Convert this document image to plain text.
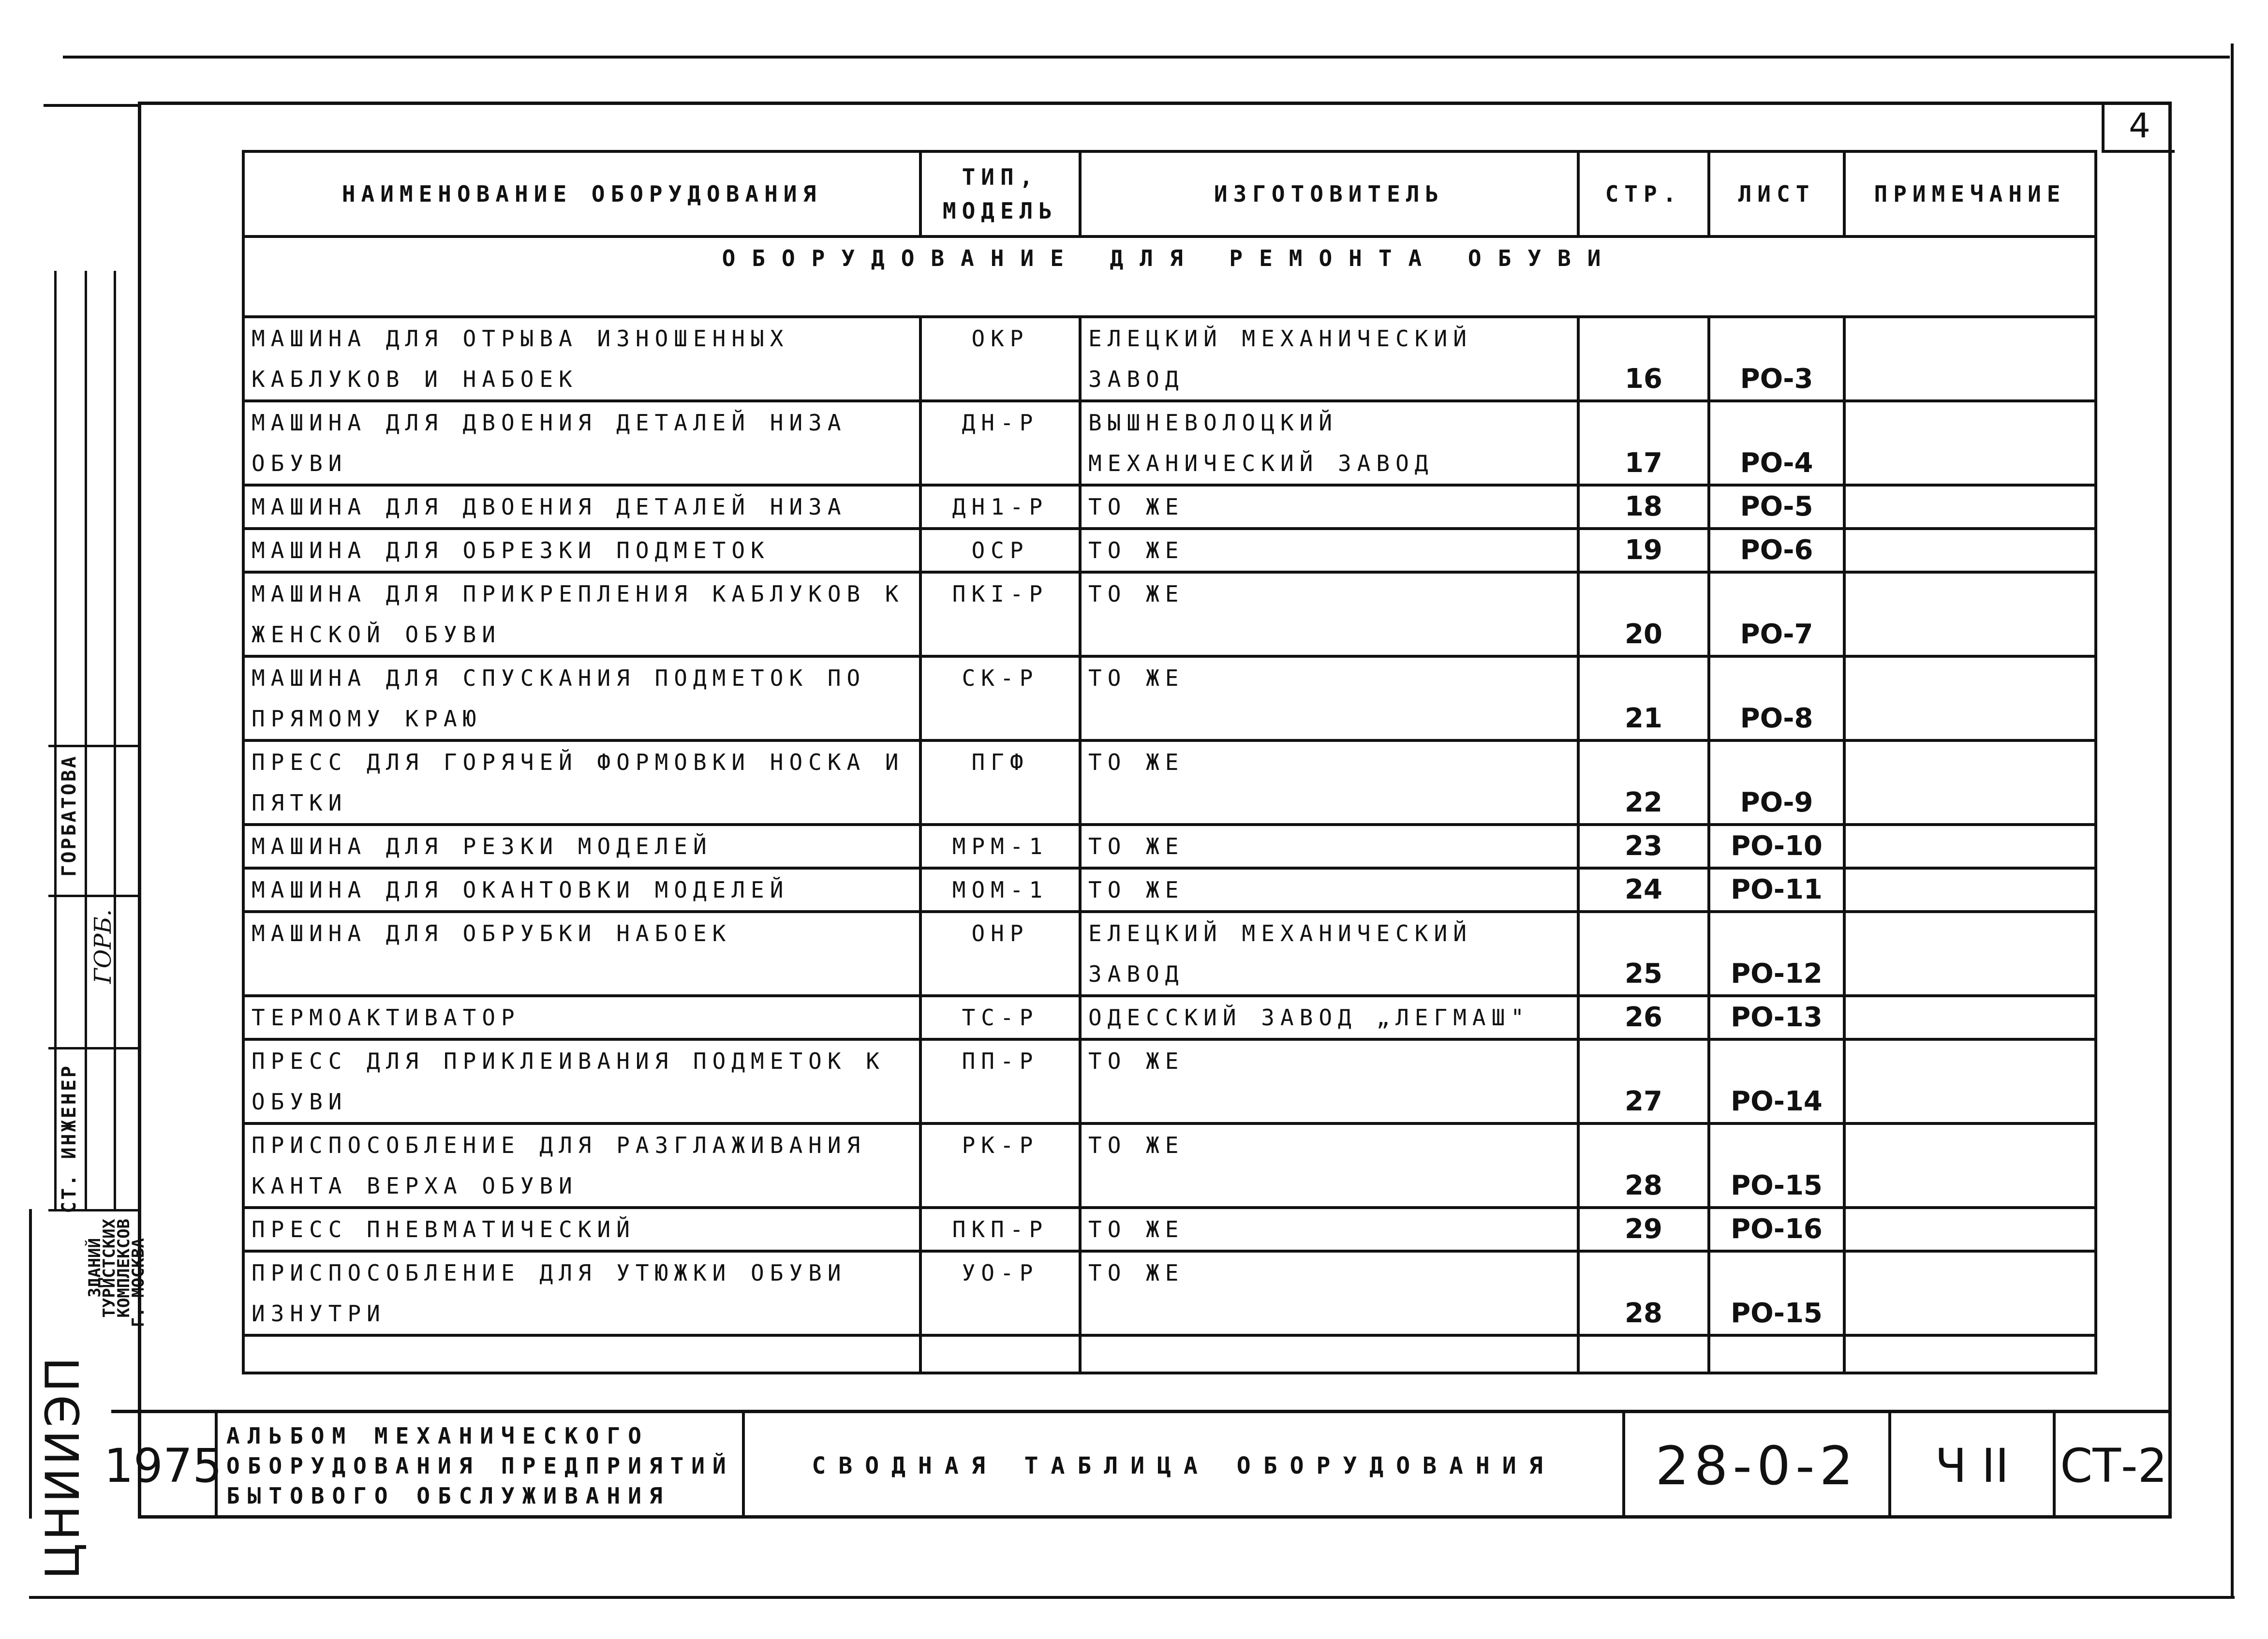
4
НАИМЕНОВАНИЕ ОБОРУДОВАНИЯ	ТИП, МОДЕЛЬ	ИЗГОТОВИТЕЛЬ	СТР.	ЛИСТ	ПРИМЕЧАНИЕ
ОБОРУДОВАНИЕ ДЛЯ РЕМОНТА ОБУВИ					
МАШИНА ДЛЯ ОТРЫВА ИЗНОШЕННЫХ КАБЛУКОВ И НАБОЕК	ОКР	ЕЛЕЦКИЙ МЕХАНИЧЕСКИЙ ЗАВОД	16	РО-3	
МАШИНА ДЛЯ ДВОЕНИЯ ДЕТАЛЕЙ НИЗА ОБУВИ	ДН-Р	ВЫШНЕВОЛОЦКИЙ МЕХАНИЧЕСКИЙ ЗАВОД	17	РО-4	
МАШИНА ДЛЯ ДВОЕНИЯ ДЕТАЛЕЙ НИЗА	ДН1-Р	ТО ЖЕ	18	РО-5	
МАШИНА ДЛЯ ОБРЕЗКИ ПОДМЕТОК	ОСР	ТО ЖЕ	19	РО-6	
МАШИНА ДЛЯ ПРИКРЕПЛЕНИЯ КАБЛУКОВ К ЖЕНСКОЙ ОБУВИ	ПКI-Р	ТО ЖЕ	20	РО-7	
МАШИНА ДЛЯ СПУСКАНИЯ ПОДМЕТОК ПО ПРЯМОМУ КРАЮ	СК-Р	ТО ЖЕ	21	РО-8	
ПРЕСС ДЛЯ ГОРЯЧЕЙ ФОРМОВКИ НОСКА И ПЯТКИ	ПГФ	ТО ЖЕ	22	РО-9	
МАШИНА ДЛЯ РЕЗКИ МОДЕЛЕЙ	МРМ-1	ТО ЖЕ	23	РО-10	
МАШИНА ДЛЯ ОКАНТОВКИ МОДЕЛЕЙ	МОМ-1	ТО ЖЕ	24	РО-11	
МАШИНА ДЛЯ ОБРУБКИ НАБОЕК	ОНР	ЕЛЕЦКИЙ МЕХАНИЧЕСКИЙ ЗАВОД	25	РО-12	
ТЕРМОАКТИВАТОР	ТС-Р	ОДЕССКИЙ ЗАВОД „ЛЕГМАШ"	26	РО-13	
ПРЕСС ДЛЯ ПРИКЛЕИВАНИЯ ПОДМЕТОК К ОБУВИ	ПП-Р	ТО ЖЕ	27	РО-14	
ПРИСПОСОБЛЕНИЕ ДЛЯ РАЗГЛАЖИВАНИЯ КАНТА ВЕРХА ОБУВИ	РК-Р	ТО ЖЕ	28	РО-15	
ПРЕСС ПНЕВМАТИЧЕСКИЙ	ПКП-Р	ТО ЖЕ	29	РО-16	
ПРИСПОСОБЛЕНИЕ ДЛЯ УТЮЖКИ ОБУВИ ИЗНУТРИ	УО-Р	ТО ЖЕ	28	РО-15	

1975
АЛЬБОМ МЕХАНИЧЕСКОГО
ОБОРУДОВАНИЯ ПРЕДПРИЯТИЙ
БЫТОВОГО ОБСЛУЖИВАНИЯ
СВОДНАЯ ТАБЛИЦА ОБОРУДОВАНИЯ	28-0-2	Ч II	СТ-2
СТ. ИНЖЕНЕР
ГОРБАТОВА
ГОРБ.
ЦНИИЭП
ЗДАНИЙ
ТУРИСТСКИХ
КОМПЛЕКСОВ
Г. МОСКВА
